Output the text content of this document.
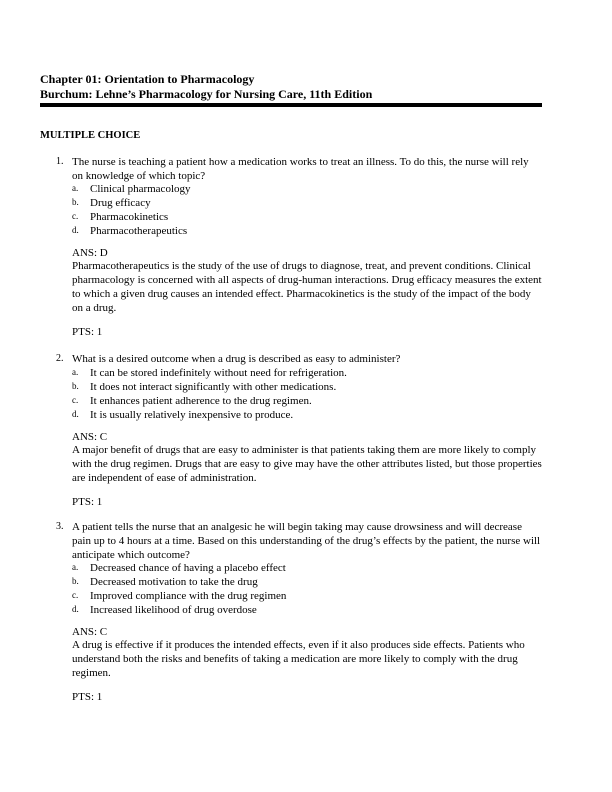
Chapter 01: Orientation to Pharmacology
Burchum: Lehne’s Pharmacology for Nursing Care, 11th Edition
MULTIPLE CHOICE
1. The nurse is teaching a patient how a medication works to treat an illness. To do this, the nurse will rely on knowledge of which topic?
a. Clinical pharmacology
b. Drug efficacy
c. Pharmacokinetics
d. Pharmacotherapeutics
ANS: D
Pharmacotherapeutics is the study of the use of drugs to diagnose, treat, and prevent conditions. Clinical pharmacology is concerned with all aspects of drug-human interactions. Drug efficacy measures the extent to which a given drug causes an intended effect. Pharmacokinetics is the study of the impact of the body on a drug.
PTS: 1
2. What is a desired outcome when a drug is described as easy to administer?
a. It can be stored indefinitely without need for refrigeration.
b. It does not interact significantly with other medications.
c. It enhances patient adherence to the drug regimen.
d. It is usually relatively inexpensive to produce.
ANS: C
A major benefit of drugs that are easy to administer is that patients taking them are more likely to comply with the drug regimen. Drugs that are easy to give may have the other attributes listed, but those properties are independent of ease of administration.
PTS: 1
3. A patient tells the nurse that an analgesic he will begin taking may cause drowsiness and will decrease pain up to 4 hours at a time. Based on this understanding of the drug’s effects by the patient, the nurse will anticipate which outcome?
a. Decreased chance of having a placebo effect
b. Decreased motivation to take the drug
c. Improved compliance with the drug regimen
d. Increased likelihood of drug overdose
ANS: C
A drug is effective if it produces the intended effects, even if it also produces side effects. Patients who understand both the risks and benefits of taking a medication are more likely to comply with the drug regimen.
PTS: 1
